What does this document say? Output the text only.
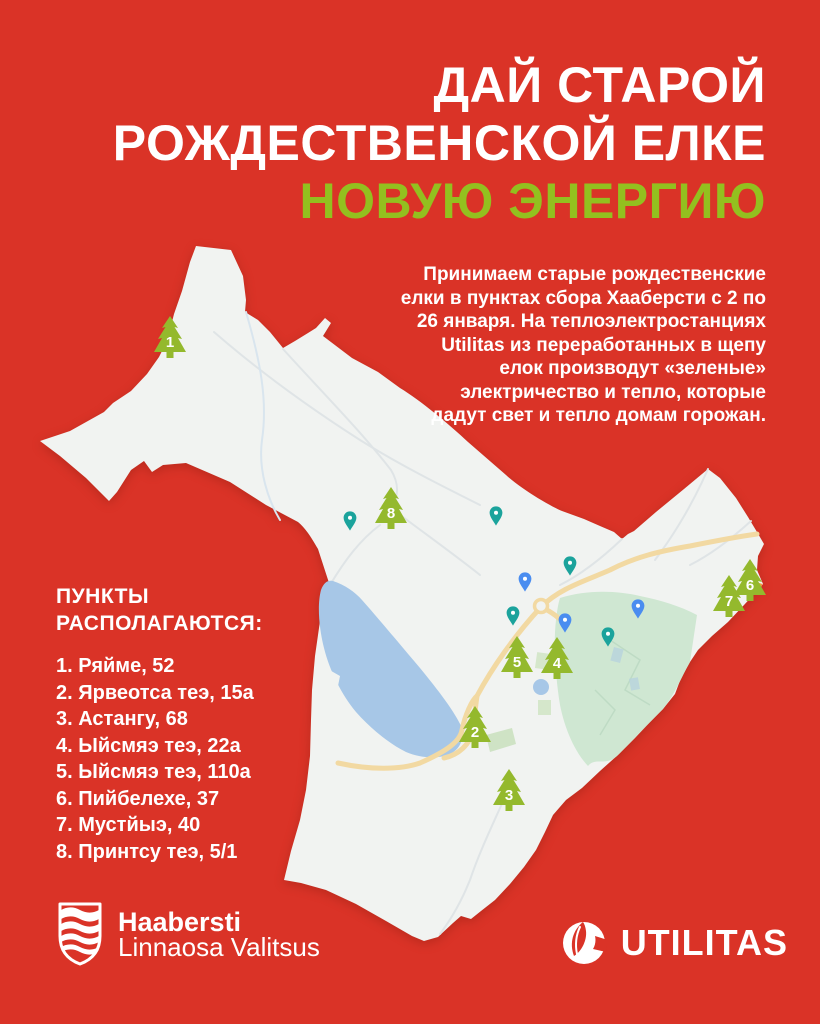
1
2
3
4
5
6
7
8
ДАЙ СТАРОЙ
РОЖДЕСТВЕНСКОЙ ЕЛКЕ
НОВУЮ ЭНЕРГИЮ
Принимаем старые рождественские
елки в пунктах сбора Хааберсти с 2 по
26 января. На теплоэлектростанциях
Utilitas из переработанных в щепу
елок производут «зеленые»
электричество и тепло, которые
дадут свет и тепло домам горожан.
ПУНКТЫ
РАСПОЛАГАЮТСЯ:
1. Ряйме, 52
2. Ярвеотса теэ, 15а
3. Астангу, 68
4. Ыйсмяэ теэ, 22а
5. Ыйсмяэ теэ, 110а
6. Пийбелехе, 37
7. Мустйыэ, 40
8. Принтсу теэ, 5/1
Haabersti
Linnaosa Valitsus	UTILITAS
